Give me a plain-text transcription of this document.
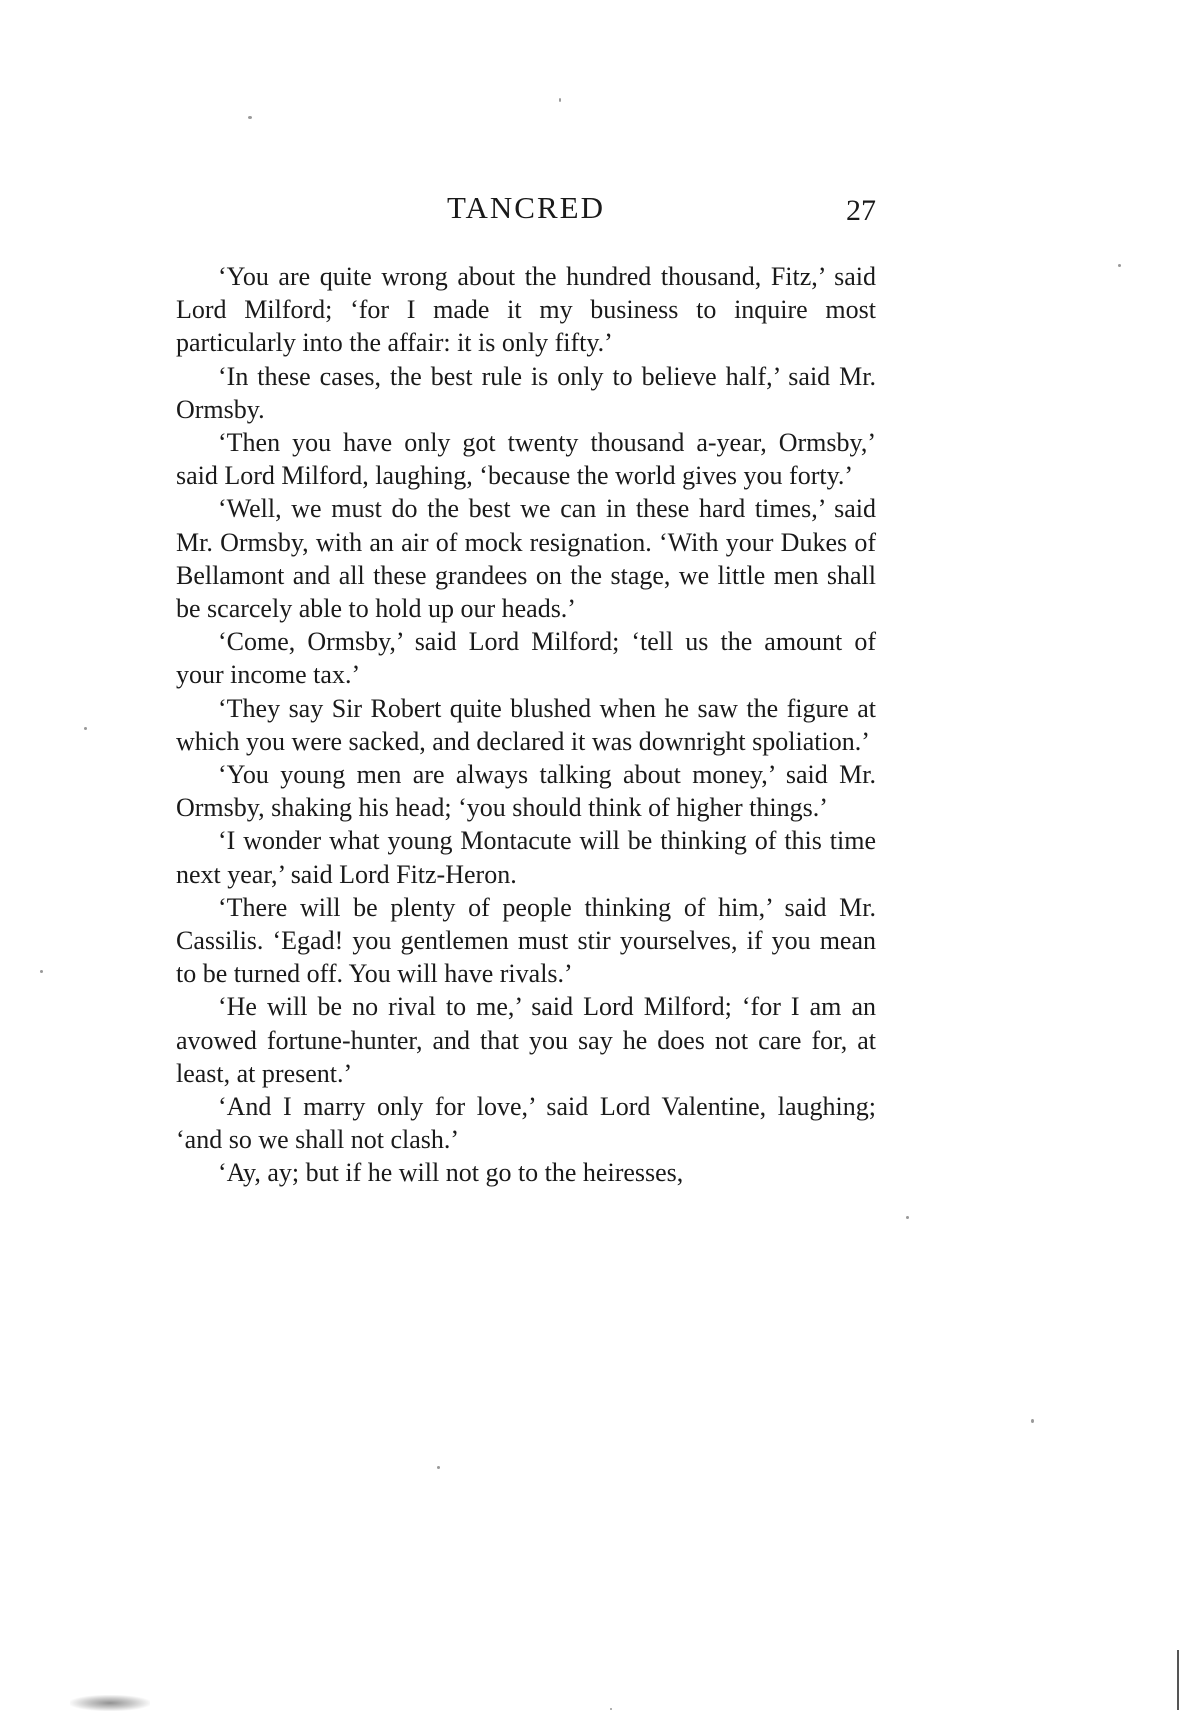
TANCRED	27

‘You are quite wrong about the hundred thousand, Fitz,’ said Lord Milford; ‘for I made it my business to inquire most particularly into the affair: it is only fifty.’

‘In these cases, the best rule is only to believe half,’ said Mr. Ormsby.

‘Then you have only got twenty thousand a-year, Ormsby,’ said Lord Milford, laughing, ‘because the world gives you forty.’

‘Well, we must do the best we can in these hard times,’ said Mr. Ormsby, with an air of mock resignation. ‘With your Dukes of Bellamont and all these grandees on the stage, we little men shall be scarcely able to hold up our heads.’

‘Come, Ormsby,’ said Lord Milford; ‘tell us the amount of your income tax.’

‘They say Sir Robert quite blushed when he saw the figure at which you were sacked, and declared it was downright spoliation.’

‘You young men are always talking about money,’ said Mr. Ormsby, shaking his head; ‘you should think of higher things.’

‘I wonder what young Montacute will be thinking of this time next year,’ said Lord Fitz-Heron.

‘There will be plenty of people thinking of him,’ said Mr. Cassilis. ‘Egad! you gentlemen must stir yourselves, if you mean to be turned off. You will have rivals.’

‘He will be no rival to me,’ said Lord Milford; ‘for I am an avowed fortune-hunter, and that you say he does not care for, at least, at present.’

‘And I marry only for love,’ said Lord Valentine, laughing; ‘and so we shall not clash.’

‘Ay, ay; but if he will not go to the heiresses,
